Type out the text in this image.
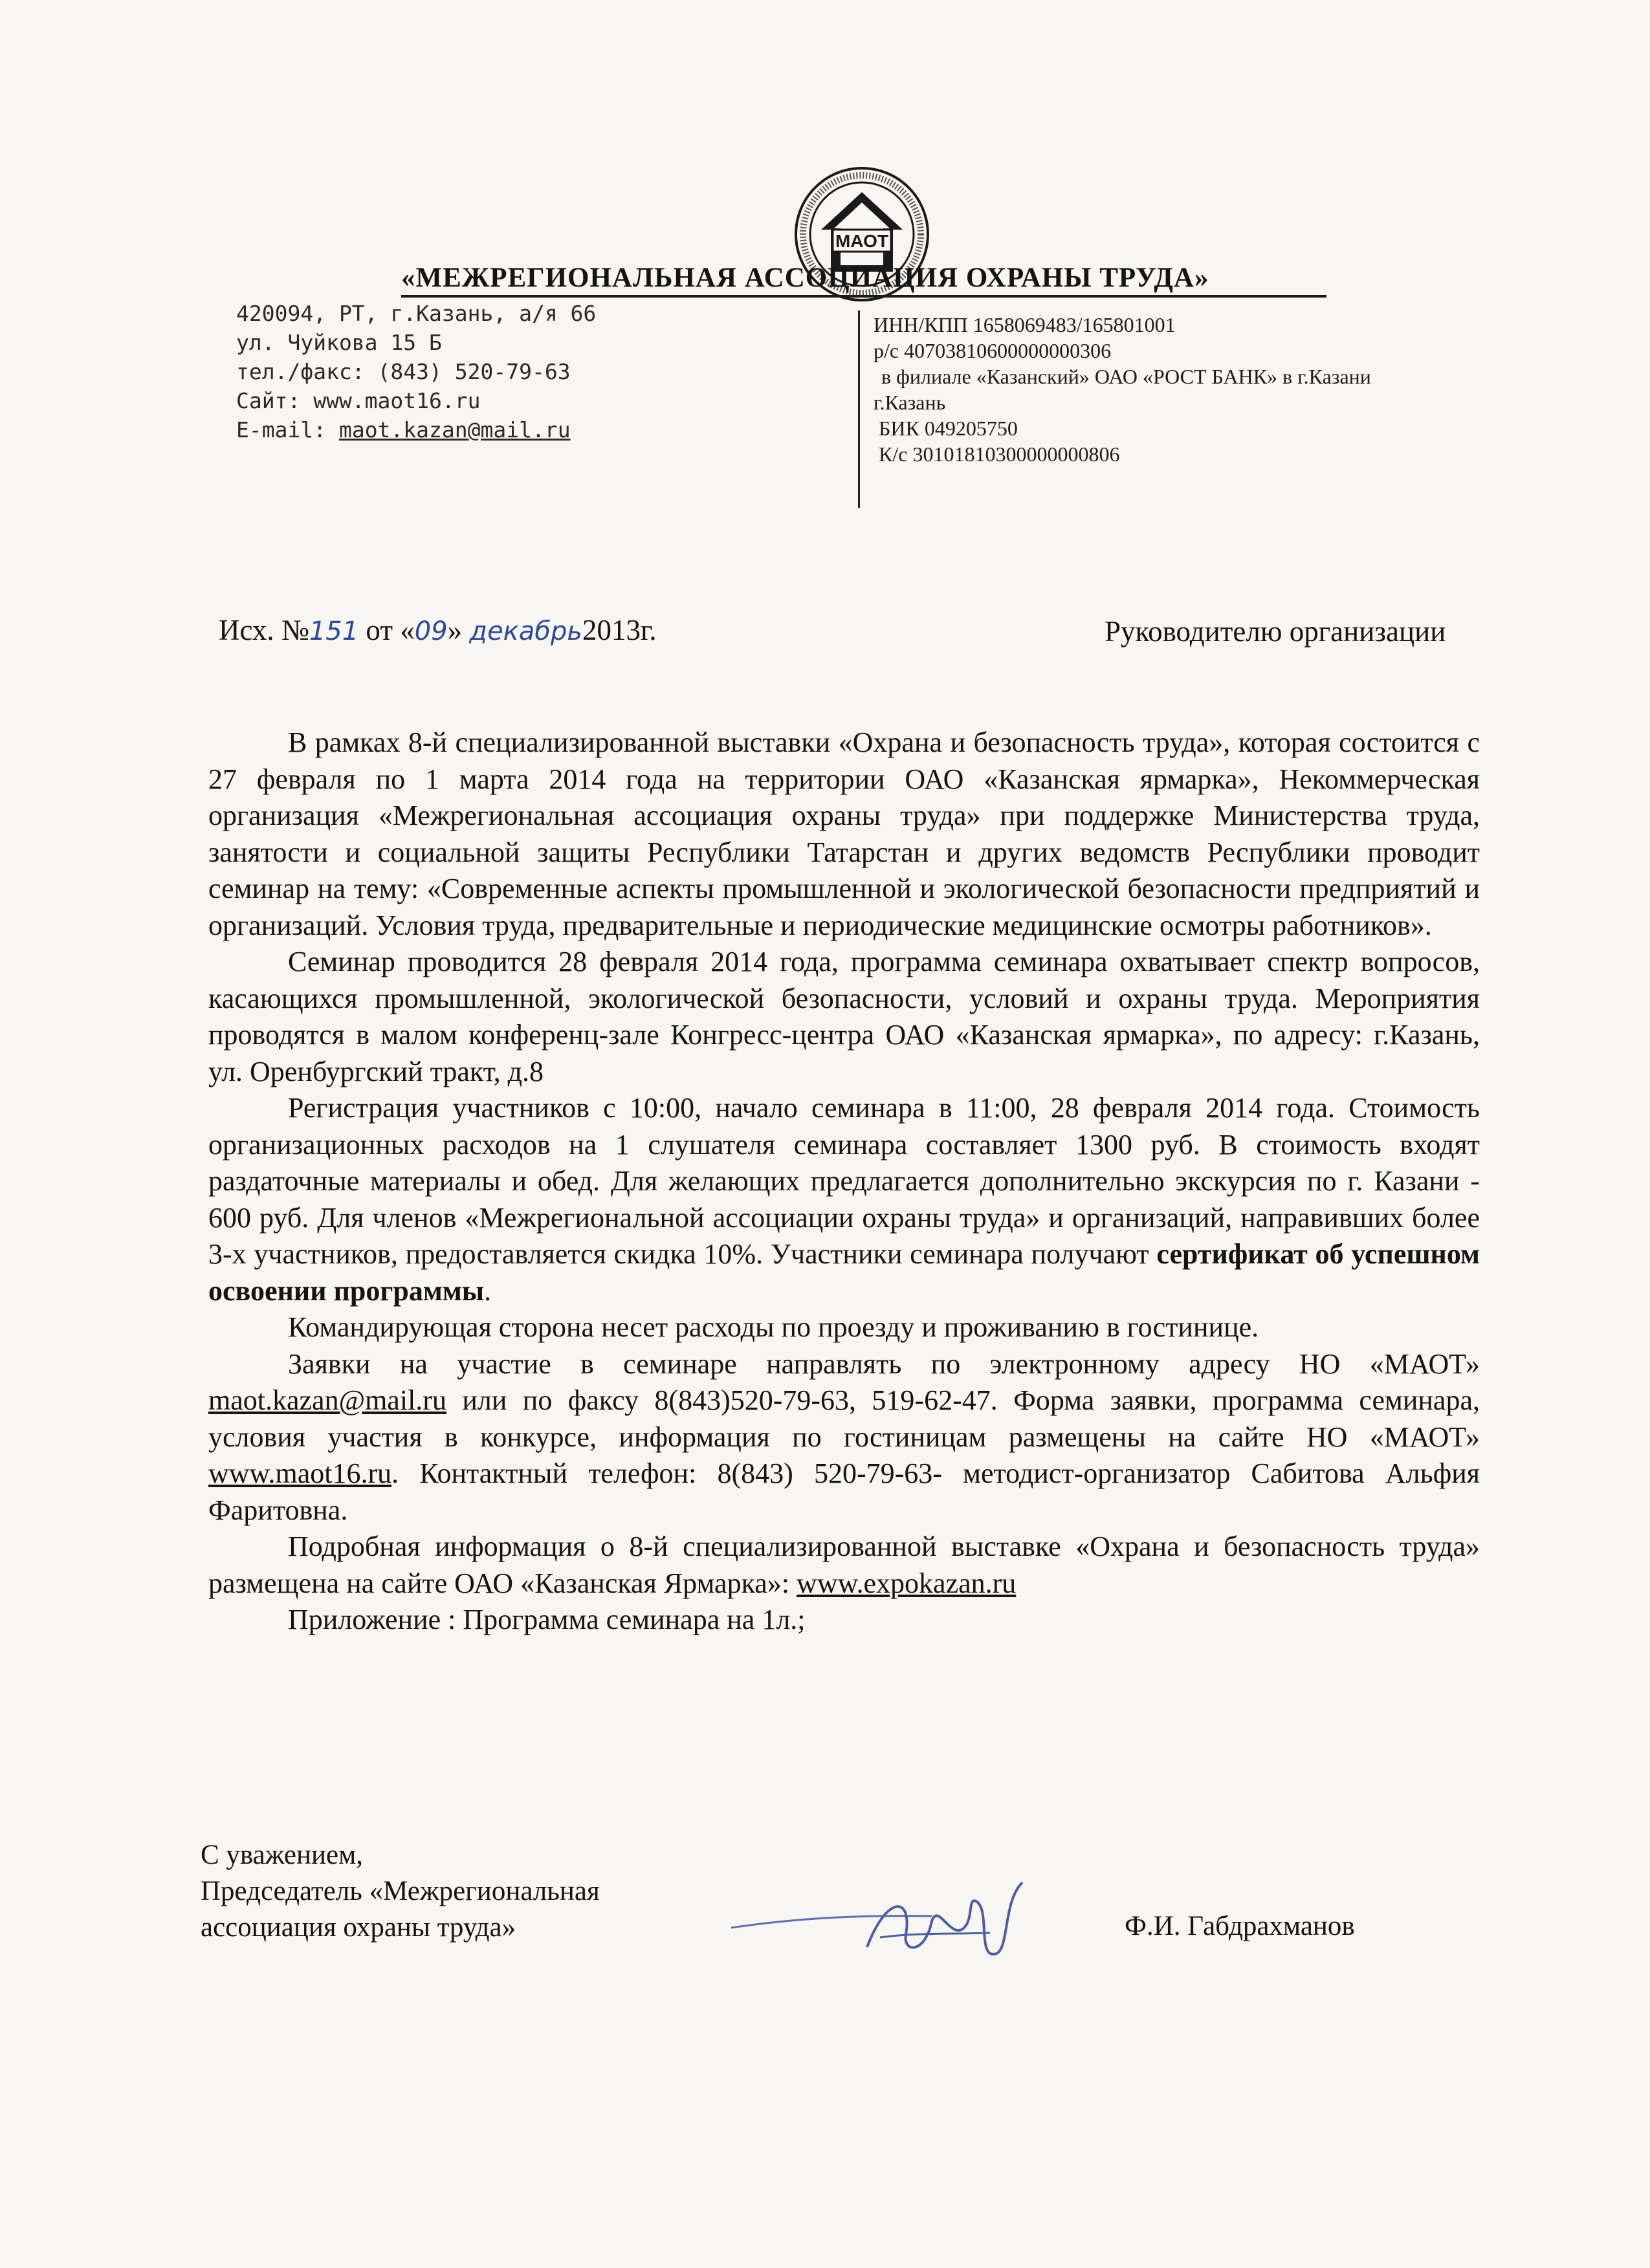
МАОТ
«МЕЖРЕГИОНАЛЬНАЯ АССОЦИАЦИЯ ОХРАНЫ ТРУДА»
420094, РТ, г.Казань, а/я 66
ул. Чуйкова 15 Б
тел./факс: (843) 520-79-63
Сайт: www.maot16.ru
E-mail: maot.kazan@mail.ru
ИНН/КПП 1658069483/165801001
р/с 40703810600000000306
в филиале «Казанский» ОАО «РОСТ БАНК» в г.Казани
г.Казань
БИК 049205750
К/с 30101810300000000806
Исх. №151 от «09» декабрь2013г.	Руководителю организации

В рамках 8-й специализированной выставки «Охрана и безопасность труда», которая состоится с 27 февраля по 1 марта 2014 года на территории ОАО «Казанская ярмарка», Некоммерческая организация «Межрегиональная ассоциация охраны труда» при поддержке Министерства труда, занятости и социальной защиты Республики Татарстан и других ведомств Республики проводит семинар на тему: «Современные аспекты промышленной и экологической безопасности предприятий и организаций. Условия труда, предварительные и периодические медицинские осмотры работников».

Семинар проводится 28 февраля 2014 года, программа семинара охватывает спектр вопросов, касающихся промышленной, экологической безопасности, условий и охраны труда. Мероприятия проводятся в малом конференц-зале Конгресс-центра ОАО «Казанская ярмарка», по адресу: г.Казань, ул. Оренбургский тракт, д.8

Регистрация участников с 10:00, начало семинара в 11:00, 28 февраля 2014 года. Стоимость организационных расходов на 1 слушателя семинара составляет 1300 руб. В стоимость входят раздаточные материалы и обед. Для желающих предлагается дополнительно экскурсия по г. Казани - 600 руб. Для членов «Межрегиональной ассоциации охраны труда» и организаций, направивших более 3-х участников, предоставляется скидка 10%. Участники семинара получают сертификат об успешном освоении программы.

Командирующая сторона несет расходы по проезду и проживанию в гостинице.

Заявки на участие в семинаре направлять по электронному адресу НО «МАОТ» maot.kazan@mail.ru или по факсу 8(843)520-79-63, 519-62-47. Форма заявки, программа семинара, условия участия в конкурсе, информация по гостиницам размещены на сайте НО «МАОТ» www.maot16.ru. Контактный телефон: 8(843) 520-79-63- методист-организатор Сабитова Альфия Фаритовна.

Подробная информация о 8-й специализированной выставке «Охрана и безопасность труда» размещена на сайте ОАО «Казанская Ярмарка»: www.expokazan.ru

Приложение : Программа семинара на 1л.;

С уважением,
Председатель «Межрегиональная
ассоциация охраны труда»	Ф.И. Габдрахманов
